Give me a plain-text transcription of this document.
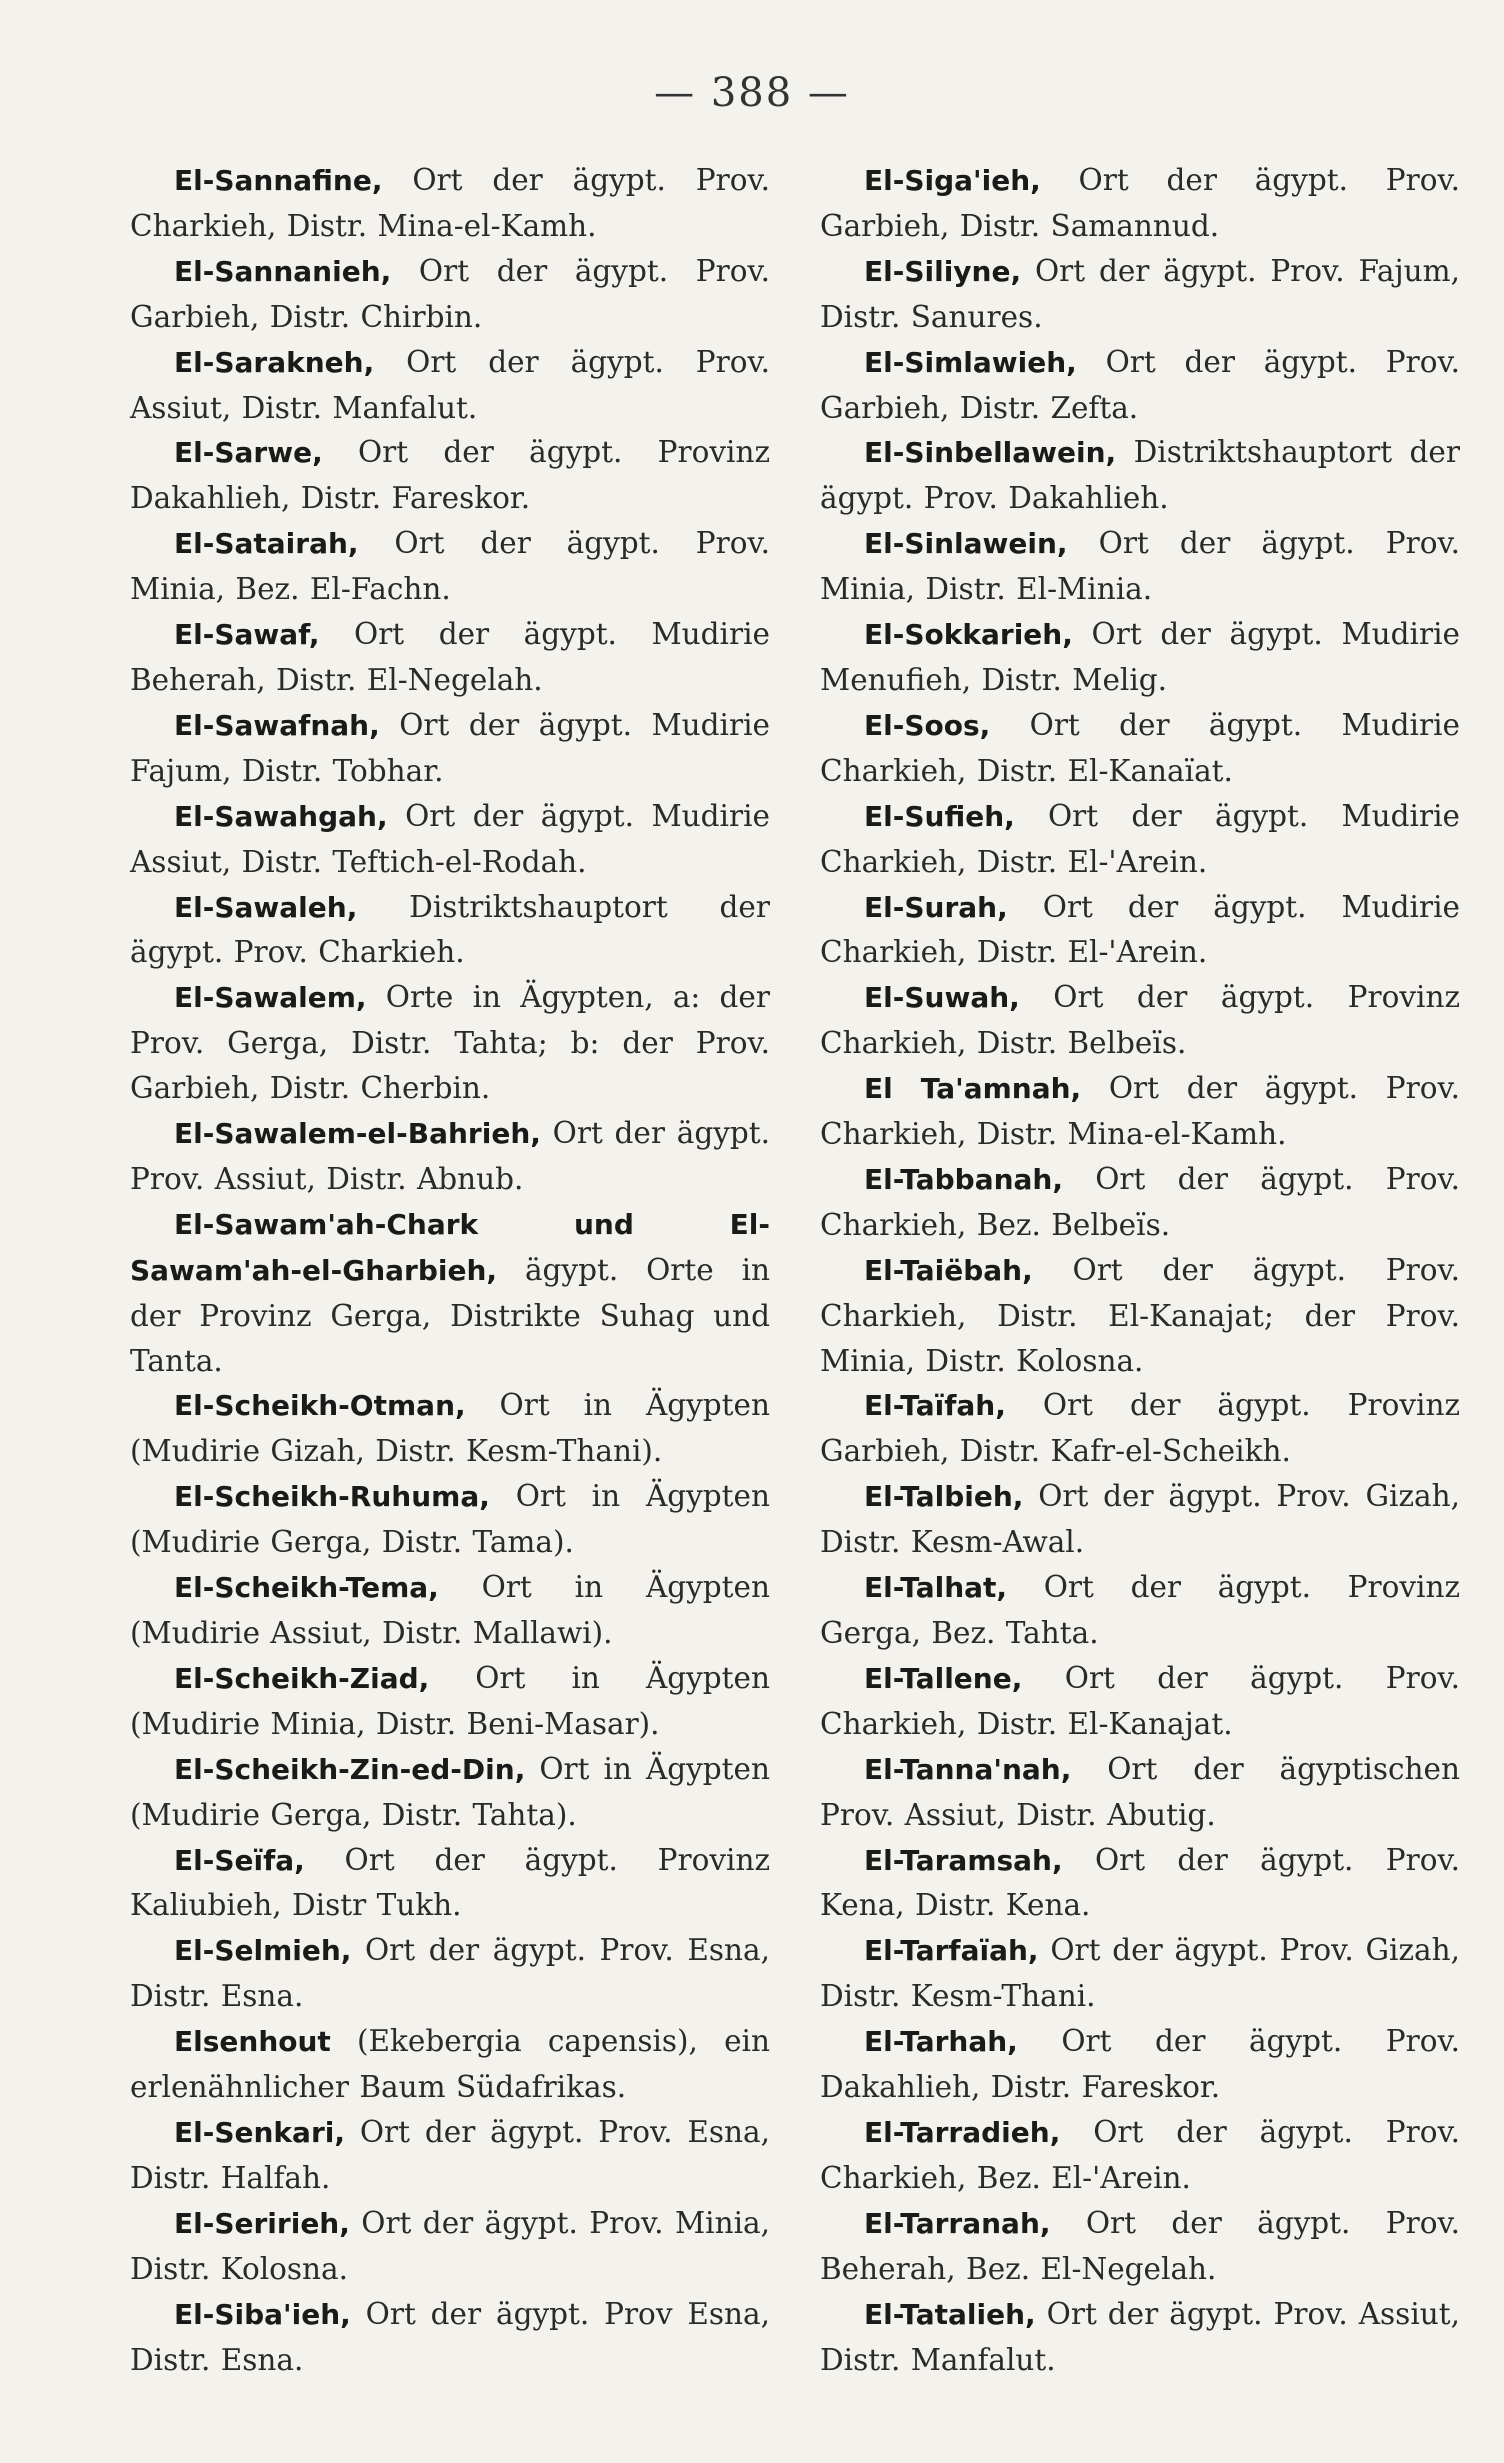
— 388 —

El-Sannafine, Ort der ägypt. Prov. Charkieh, Distr. Mina-el-Kamh.

El-Sannanieh, Ort der ägypt. Prov. Garbieh, Distr. Chirbin.

El-Sarakneh, Ort der ägypt. Prov. Assiut, Distr. Manfalut.

El-Sarwe, Ort der ägypt. Provinz Dakahlieh, Distr. Fareskor.

El-Satairah, Ort der ägypt. Prov. Minia, Bez. El-Fachn.

El-Sawaf, Ort der ägypt. Mudirie Beherah, Distr. El-Negelah.

El-Sawafnah, Ort der ägypt. Mudirie Fajum, Distr. Tobhar.

El-Sawahgah, Ort der ägypt. Mudirie Assiut, Distr. Teftich-el-Rodah.

El-Sawaleh, Distriktshauptort der ägypt. Prov. Charkieh.

El-Sawalem, Orte in Ägypten, a: der Prov. Gerga, Distr. Tahta; b: der Prov. Garbieh, Distr. Cherbin.

El-Sawalem-el-Bahrieh, Ort der ägypt. Prov. Assiut, Distr. Abnub.

El-Sawam'ah-Chark und El-Sawam'ah-el-Gharbieh, ägypt. Orte in der Provinz Gerga, Distrikte Suhag und Tanta.

El-Scheikh-Otman, Ort in Ägypten (Mudirie Gizah, Distr. Kesm-Thani).

El-Scheikh-Ruhuma, Ort in Ägypten (Mudirie Gerga, Distr. Tama).

El-Scheikh-Tema, Ort in Ägypten (Mudirie Assiut, Distr. Mallawi).

El-Scheikh-Ziad, Ort in Ägypten (Mudirie Minia, Distr. Beni-Masar).

El-Scheikh-Zin-ed-Din, Ort in Ägypten (Mudirie Gerga, Distr. Tahta).

El-Seïfa, Ort der ägypt. Provinz Kaliubieh, Distr Tukh.

El-Selmieh, Ort der ägypt. Prov. Esna, Distr. Esna.

Elsenhout (Ekebergia capensis), ein erlenähnlicher Baum Südafrikas.

El-Senkari, Ort der ägypt. Prov. Esna, Distr. Halfah.

El-Seririeh, Ort der ägypt. Prov. Minia, Distr. Kolosna.

El-Siba'ieh, Ort der ägypt. Prov Esna, Distr. Esna.

El-Siga'ieh, Ort der ägypt. Prov. Garbieh, Distr. Samannud.

El-Siliyne, Ort der ägypt. Prov. Fajum, Distr. Sanures.

El-Simlawieh, Ort der ägypt. Prov. Garbieh, Distr. Zefta.

El-Sinbellawein, Distriktshauptort der ägypt. Prov. Dakahlieh.

El-Sinlawein, Ort der ägypt. Prov. Minia, Distr. El-Minia.

El-Sokkarieh, Ort der ägypt. Mudirie Menufieh, Distr. Melig.

El-Soos, Ort der ägypt. Mudirie Charkieh, Distr. El-Kanaïat.

El-Sufieh, Ort der ägypt. Mudirie Charkieh, Distr. El-'Arein.

El-Surah, Ort der ägypt. Mudirie Charkieh, Distr. El-'Arein.

El-Suwah, Ort der ägypt. Provinz Charkieh, Distr. Belbeïs.

El Ta'amnah, Ort der ägypt. Prov. Charkieh, Distr. Mina-el-Kamh.

El-Tabbanah, Ort der ägypt. Prov. Charkieh, Bez. Belbeïs.

El-Taiëbah, Ort der ägypt. Prov. Charkieh, Distr. El-Kanajat; der Prov. Minia, Distr. Kolosna.

El-Taïfah, Ort der ägypt. Provinz Garbieh, Distr. Kafr-el-Scheikh.

El-Talbieh, Ort der ägypt. Prov. Gizah, Distr. Kesm-Awal.

El-Talhat, Ort der ägypt. Provinz Gerga, Bez. Tahta.

El-Tallene, Ort der ägypt. Prov. Charkieh, Distr. El-Kanajat.

El-Tanna'nah, Ort der ägyptischen Prov. Assiut, Distr. Abutig.

El-Taramsah, Ort der ägypt. Prov. Kena, Distr. Kena.

El-Tarfaïah, Ort der ägypt. Prov. Gizah, Distr. Kesm-Thani.

El-Tarhah, Ort der ägypt. Prov. Dakahlieh, Distr. Fareskor.

El-Tarradieh, Ort der ägypt. Prov. Charkieh, Bez. El-'Arein.

El-Tarranah, Ort der ägypt. Prov. Beherah, Bez. El-Negelah.

El-Tatalieh, Ort der ägypt. Prov. Assiut, Distr. Manfalut.
